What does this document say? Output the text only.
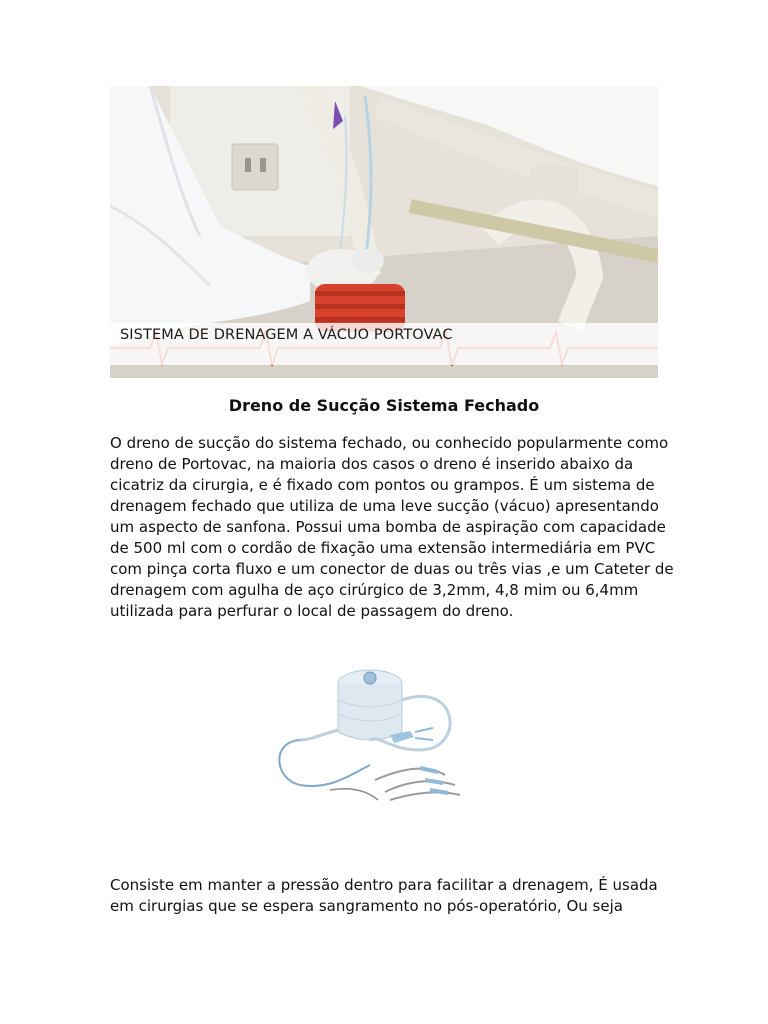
SISTEMA DE DRENAGEM A VÁCUO PORTOVAC
Dreno de Sucção Sistema Fechado
O dreno de sucção do sistema fechado, ou conhecido popularmente como
dreno de Portovac, na maioria dos casos o dreno é inserido abaixo da
cicatriz da cirurgia, e é fixado com pontos ou grampos. É um sistema de
drenagem fechado que utiliza de uma leve sucção (vácuo) apresentando
um aspecto de sanfona. Possui uma bomba de aspiração com capacidade
de 500 ml com o cordão de fixação uma extensão intermediária em PVC
com pinça corta fluxo e um conector de duas ou três vias ,e um Cateter de
drenagem com agulha de aço cirúrgico de 3,2mm, 4,8 mim ou 6,4mm
utilizada para perfurar o local de passagem do dreno.
Consiste em manter a pressão dentro para facilitar a drenagem, É usada
em cirurgias que se espera sangramento no pós-operatório, Ou seja
